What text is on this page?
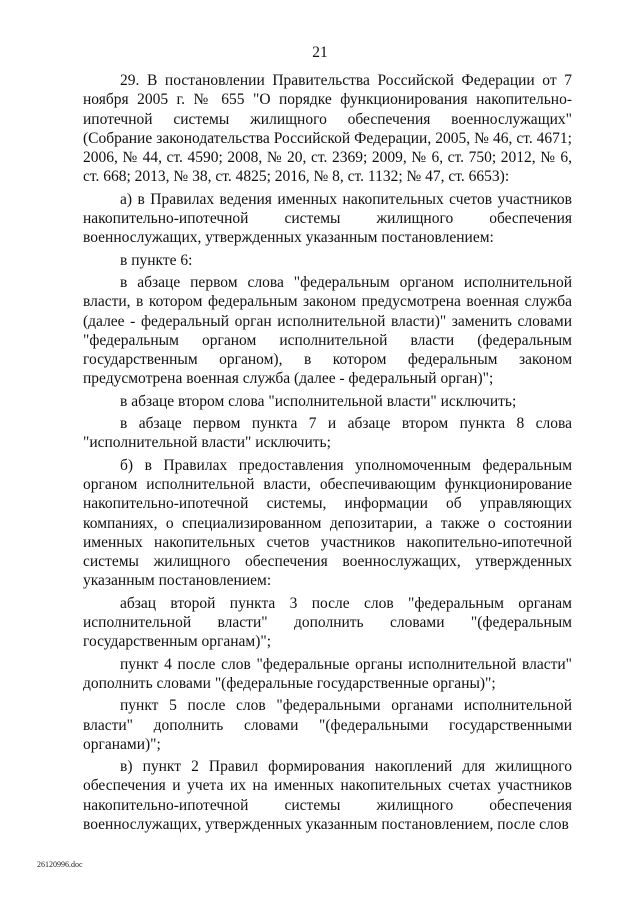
21

29. В постановлении Правительства Российской Федерации от 7 ноября 2005 г. № 655 "О порядке функционирования накопительно-ипотечной системы жилищного обеспечения военнослужащих" (Собрание законодательства Российской Федерации, 2005, № 46, ст. 4671; 2006, № 44, ст. 4590; 2008, № 20, ст. 2369; 2009, № 6, ст. 750; 2012, № 6, ст. 668; 2013, № 38, ст. 4825; 2016, № 8, ст. 1132; № 47, ст. 6653):

а) в Правилах ведения именных накопительных счетов участников накопительно-ипотечной системы жилищного обеспечения военнослужащих, утвержденных указанным постановлением:

в пункте 6:

в абзаце первом слова "федеральным органом исполнительной власти, в котором федеральным законом предусмотрена военная служба (далее - федеральный орган исполнительной власти)" заменить словами "федеральным органом исполнительной власти (федеральным государственным органом), в котором федеральным законом предусмотрена военная служба (далее - федеральный орган)";

в абзаце втором слова "исполнительной власти" исключить;

в абзаце первом пункта 7 и абзаце втором пункта 8 слова "исполнительной власти" исключить;

б) в Правилах предоставления уполномоченным федеральным органом исполнительной власти, обеспечивающим функционирование накопительно-ипотечной системы, информации об управляющих компаниях, о специализированном депозитарии, а также о состоянии именных накопительных счетов участников накопительно-ипотечной системы жилищного обеспечения военнослужащих, утвержденных указанным постановлением:

абзац второй пункта 3 после слов "федеральным органам исполнительной власти" дополнить словами "(федеральным государственным органам)";

пункт 4 после слов "федеральные органы исполнительной власти" дополнить словами "(федеральные государственные органы)";

пункт 5 после слов "федеральными органами исполнительной власти" дополнить словами "(федеральными государственными органами)";

в) пункт 2 Правил формирования накоплений для жилищного обеспечения и учета их на именных накопительных счетах участников накопительно-ипотечной системы жилищного обеспечения военнослужащих, утвержденных указанным постановлением, после слов

26120996.doc
